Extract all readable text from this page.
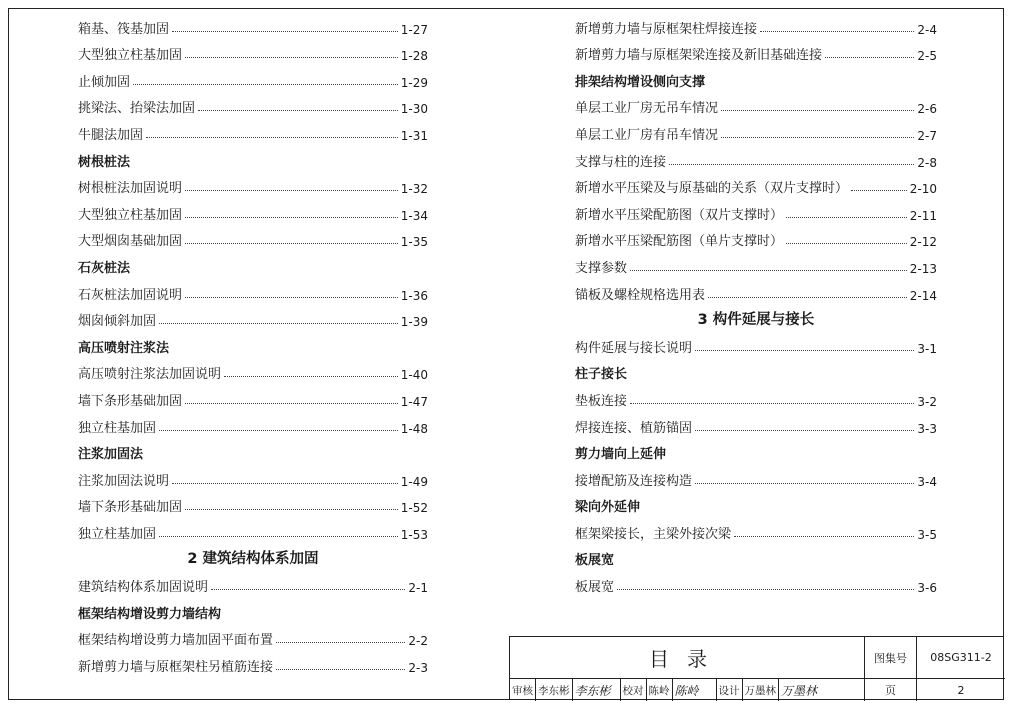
箱基、筏基加固	1-27
大型独立柱基加固	1-28
止倾加固	1-29
挑梁法、抬梁法加固	1-30
牛腿法加固	1-31
树根桩法
树根桩法加固说明	1-32
大型独立柱基加固	1-34
大型烟囱基础加固	1-35
石灰桩法
石灰桩法加固说明	1-36
烟囱倾斜加固	1-39
高压喷射注浆法
高压喷射注浆法加固说明	1-40
墙下条形基础加固	1-47
独立柱基加固	1-48
注浆加固法
注浆加固法说明	1-49
墙下条形基础加固	1-52
独立柱基加固	1-53
2 建筑结构体系加固
建筑结构体系加固说明	2-1
框架结构增设剪力墙结构
框架结构增设剪力墙加固平面布置	2-2
新增剪力墙与原框架柱另植筋连接	2-3
新增剪力墙与原框架柱焊接连接	2-4
新增剪力墙与原框架梁连接及新旧基础连接	2-5
排架结构增设侧向支撑
单层工业厂房无吊车情况	2-6
单层工业厂房有吊车情况	2-7
支撑与柱的连接	2-8
新增水平压梁及与原基础的关系（双片支撑时）	2-10
新增水平压梁配筋图（双片支撑时）	2-11
新增水平压梁配筋图（单片支撑时）	2-12
支撑参数	2-13
锚板及螺栓规格选用表	2-14
3 构件延展与接长
构件延展与接长说明	3-1
柱子接长
垫板连接	3-2
焊接连接、植筋锚固	3-3
剪力墙向上延伸
接增配筋及连接构造	3-4
梁向外延伸
框架梁接长，主梁外接次梁	3-5
板展宽
板展宽	3-6
目录	图集号	08SG311-2
审核 李东彬 李东彬	校对 陈岭 陈岭	设计 万墨林 万墨林	页	2
